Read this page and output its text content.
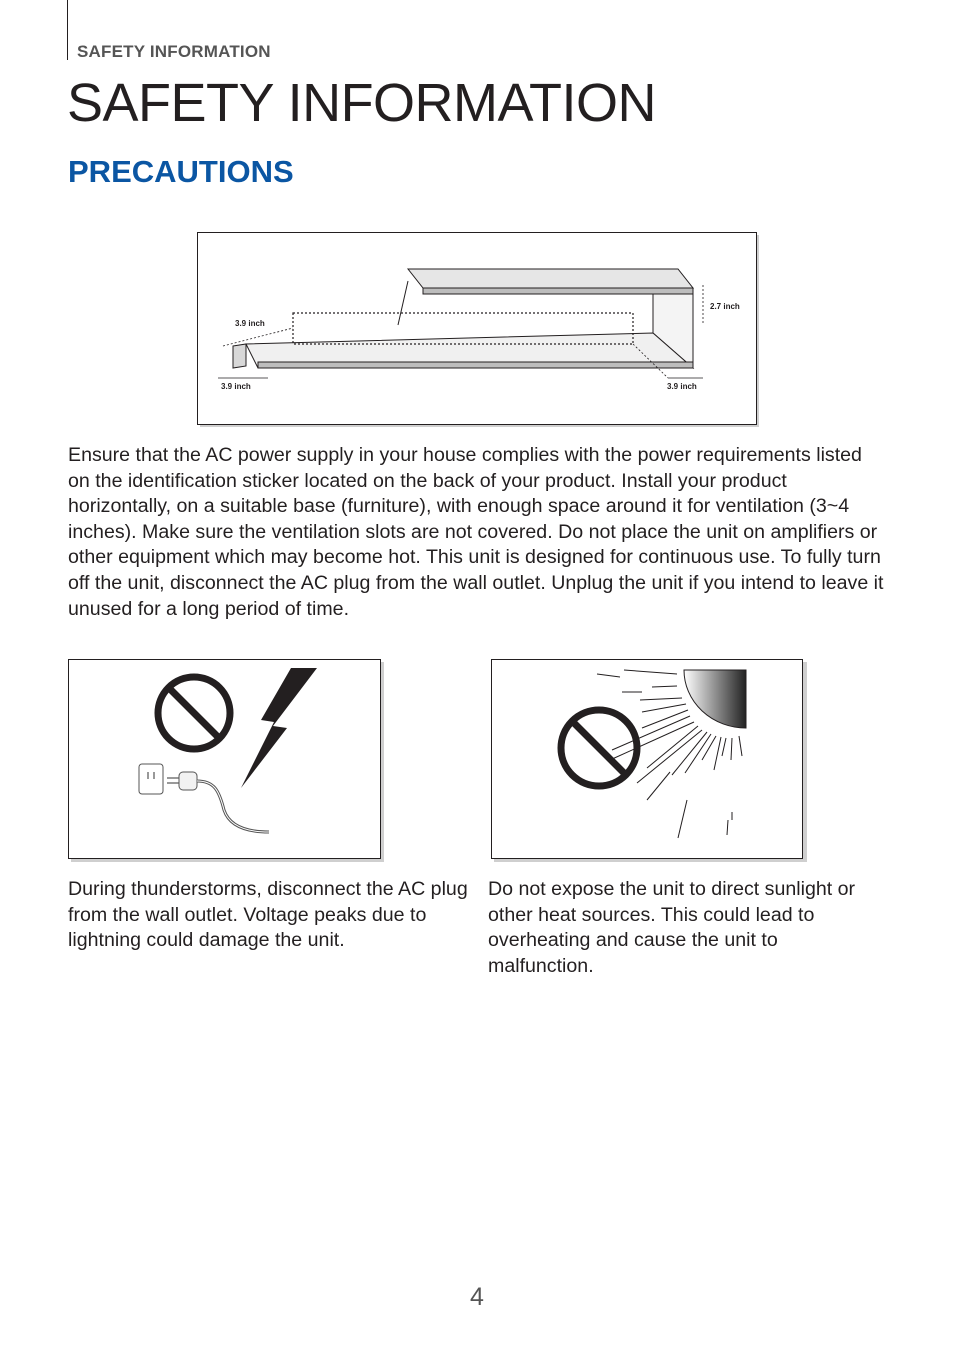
SAFETY INFORMATION
SAFETY INFORMATION
PRECAUTIONS
3.9 inch
3.9 inch	3.9 inch
2.7 inch

Ensure that the AC power supply in your house complies with the power requirements listed on the identification sticker located on the back of your product. Install your product horizontally, on a suitable base (furniture), with enough space around it for ventilation (3~4 inches). Make sure the ventilation slots are not covered. Do not place the unit on amplifiers or other equipment which may become hot. This unit is designed for continuous use. To fully turn off the unit, disconnect the AC plug from the wall outlet. Unplug the unit if you intend to leave it unused for a long period of time.

During thunderstorms, disconnect the AC plug from the wall outlet. Voltage peaks due to lightning could damage the unit.

Do not expose the unit to direct sunlight or other heat sources. This could lead to overheating and cause the unit to malfunction.

4
